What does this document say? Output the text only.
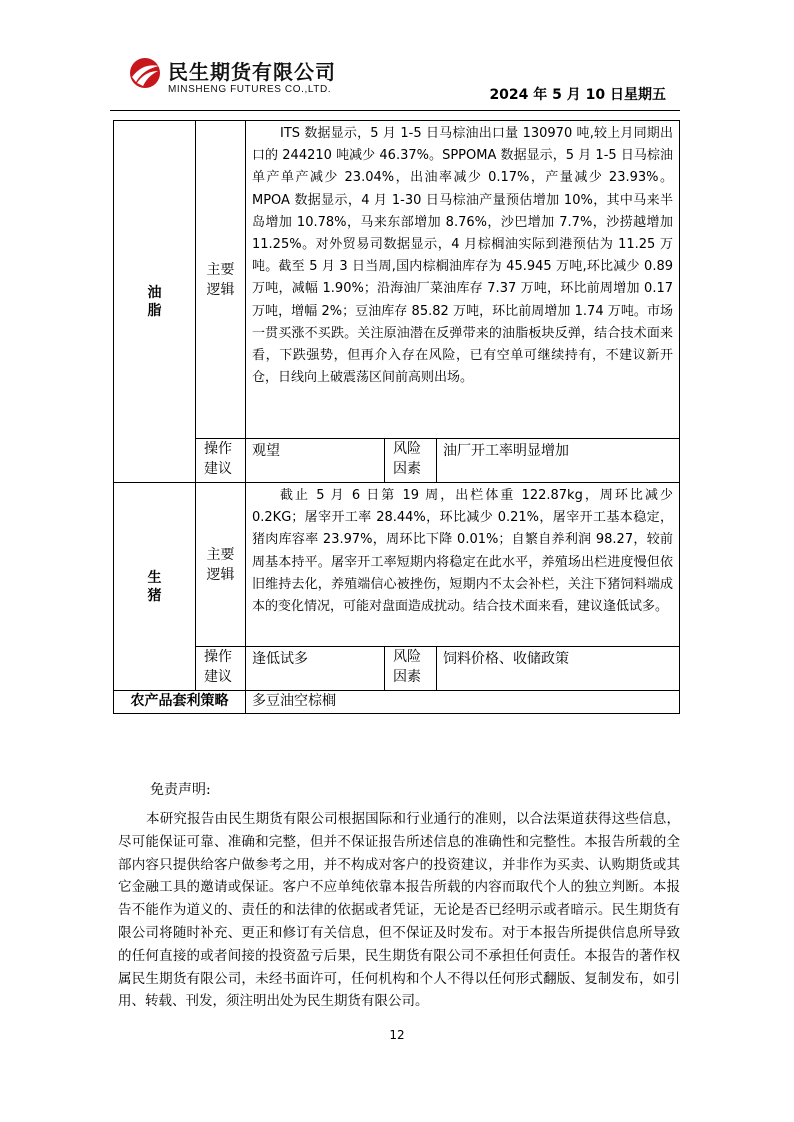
民生期货有限公司
MINSHENG FUTURES CO.,LTD.	2024 年 5 月 10 日星期五
油脂	主要逻辑	ITS 数据显示，5 月 1-5 日马棕油出口量 130970 吨,较上月同期出口的 244210 吨减少 46.37%。SPPOMA 数据显示，5 月 1-5 日马棕油单产单产减少 23.04%，出油率减少 0.17%，产量减少 23.93%。MPOA 数据显示，4 月 1-30 日马棕油产量预估增加 10%，其中马来半岛增加 10.78%，马来东部增加 8.76%，沙巴增加 7.7%，沙捞越增加 11.25%。对外贸易司数据显示，4 月棕榈油实际到港预估为 11.25 万吨。截至 5 月 3 日当周,国内棕榈油库存为 45.945 万吨,环比减少 0.89 万吨，减幅 1.90%；沿海油厂菜油库存 7.37 万吨，环比前周增加 0.17 万吨，增幅 2%；豆油库存 85.82 万吨，环比前周增加 1.74 万吨。市场一贯买涨不买跌。关注原油潜在反弹带来的油脂板块反弹，结合技术面来看，下跌强势，但再介入存在风险，已有空单可继续持有，不建议新开仓，日线向上破震荡区间前高则出场。		

	操作建议	观望	风险因素	油厂开工率明显增加

生猪	主要逻辑	截止 5 月 6 日第 19 周，出栏体重 122.87kg，周环比减少 0.2KG；屠宰开工率 28.44%，环比减少 0.21%，屠宰开工基本稳定，猪肉库容率 23.97%，周环比下降 0.01%；自繁自养利润 98.27，较前周基本持平。屠宰开工率短期内将稳定在此水平，养殖场出栏进度慢但依旧维持去化，养殖端信心被挫伤，短期内不太会补栏，关注下猪饲料端成本的变化情况，可能对盘面造成扰动。结合技术面来看，建议逢低试多。		

	操作建议	逢低试多	风险因素	饲料价格、收储政策
农产品套利策略		多豆油空棕榈		
免责声明:

本研究报告由民生期货有限公司根据国际和行业通行的准则，以合法渠道获得这些信息，尽可能保证可靠、准确和完整，但并不保证报告所述信息的准确性和完整性。本报告所载的全部内容只提供给客户做参考之用，并不构成对客户的投资建议，并非作为买卖、认购期货或其它金融工具的邀请或保证。客户不应单纯依靠本报告所载的内容而取代个人的独立判断。本报告不能作为道义的、责任的和法律的依据或者凭证，无论是否已经明示或者暗示。民生期货有限公司将随时补充、更正和修订有关信息，但不保证及时发布。对于本报告所提供信息所导致的任何直接的或者间接的投资盈亏后果，民生期货有限公司不承担任何责任。本报告的著作权属民生期货有限公司，未经书面许可，任何机构和个人不得以任何形式翻版、复制发布，如引用、转载、刊发，须注明出处为民生期货有限公司。

12
